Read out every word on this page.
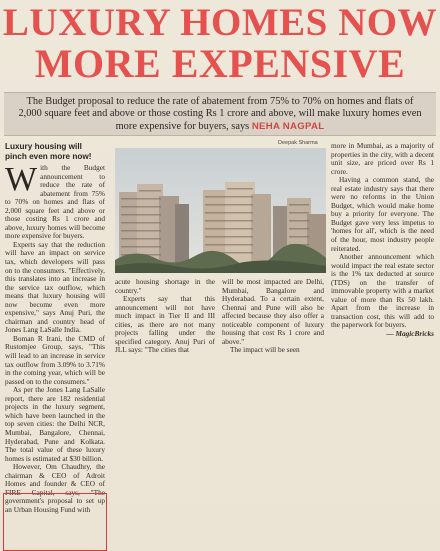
LUXURY HOMES NOW
MORE EXPENSIVE

The Budget proposal to reduce the rate of abatement from 75% to 70% on homes and flats of 2,000 square feet and above or those costing Rs 1 crore and above, will make luxury homes even more expensive for buyers, says NEHA NAGPAL

Luxury housing will pinch even more now!
W ith the Budget announcement to reduce the rate of abatement from 75% to 70% on homes and flats of 2,000 square feet and above or those costing Rs 1 crore and above, luxury homes will become more expensive for buyers.

Experts say that the reduction will have an impact on service tax, which developers will pass on to the consumers. "Effectively, this translates into an increase in the service tax outflow, which means that luxury housing will now become even more expensive," says Anuj Puri, the chairman and country head of Jones Lang LaSalle India.

Boman R Irani, the CMD of Rustomjee Group, says, "This will lead to an increase in service tax outflow from 3.09% to 3.71% in the coming year, which will be passed on to the consumers."

As per the Jones Lang LaSalle report, there are 182 residential projects in the luxury segment, which have been launched in the top seven cities: the Delhi NCR, Mumbai, Bangalore, Chennai, Hyderabad, Pune and Kolkata. The total value of these luxury homes is estimated at $30 billion.

However, Om Chaudhry, the chairman & CEO of Adroit Homes and founder & CEO of FIRE Capital, says, "The government's proposal to set up an Urban Housing Fund with

Deepak Sharma

acute housing shortage in the country."

Experts say that this announcement will not have much impact in Tier II and III cities, as there are not many projects falling under the specified category. Anuj Puri of JLL says: "The cities that

will be most impacted are Delhi, Mumbai, Bangalore and Hyderabad. To a certain extent, Chennai and Pune will also be affected because they also offer a noticeable component of luxury housing that cost Rs 1 crore and above."

The impact will be seen

more in Mumbai, as a majority of properties in the city, with a decent unit size, are priced over Rs 1 crore.

Having a common stand, the real estate industry says that there were no reforms in the Union Budget, which would make home buy a priority for everyone. The Budget gave very less impetus to 'homes for all', which is the need of the hour, most industry people reiterated.

Another announcement which would impact the real estate sector is the 1% tax deducted at source (TDS) on the transfer of immovable property with a market value of more than Rs 50 lakh. Apart from the increase in transaction cost, this will add to the paperwork for buyers.

— MagicBricks
